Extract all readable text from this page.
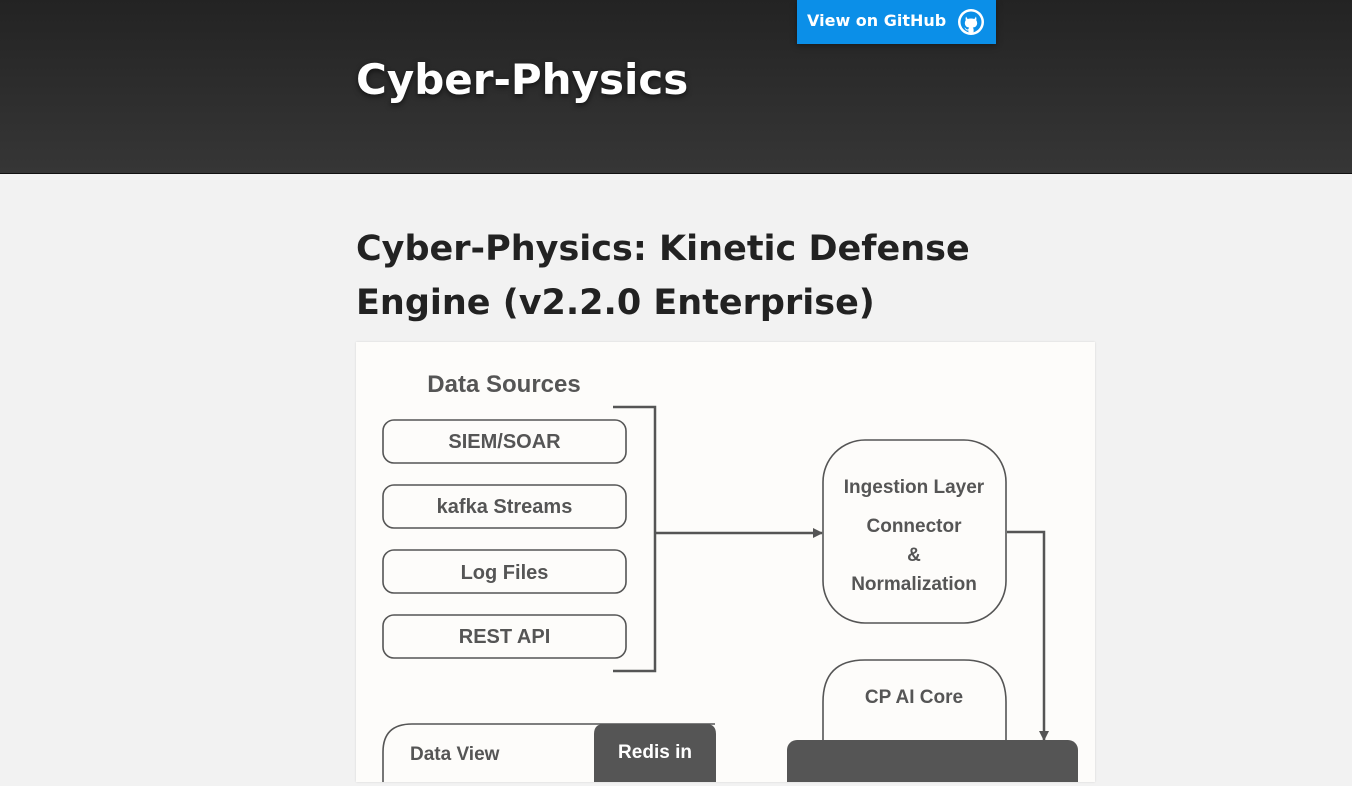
Cyber-Physics
View on GitHub
Cyber-Physics: Kinetic Defense Engine (v2.2.0 Enterprise)
Data Sources
SIEM/SOAR
kafka Streams
Log Files
REST API
Ingestion Layer
Connector
&
Normalization
CP AI Core
Data View	Redis in
